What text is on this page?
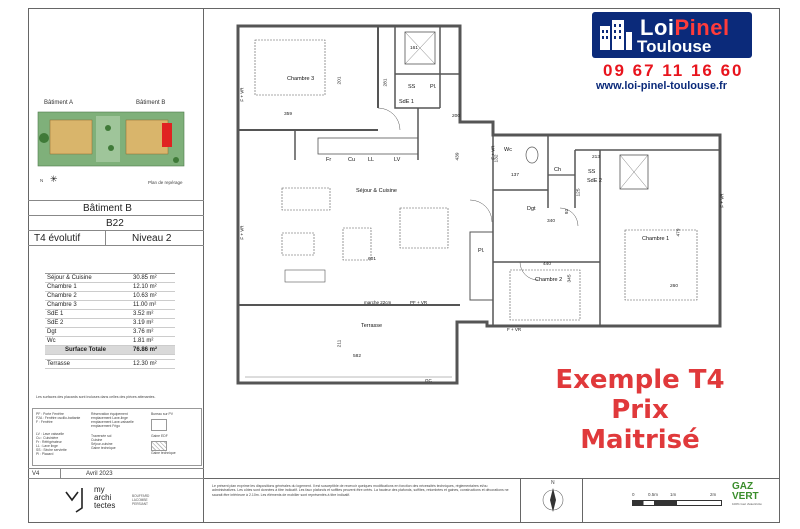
Bâtiment A	Bâtiment B
N ✳	Plan de repérage
Bâtiment B
B22
T4 évolutif	Niveau 2
Séjour & Cuisine	30.85 m²
Chambre 1	12.10 m²
Chambre 2	10.63 m²
Chambre 3	11.00 m²
SdE 1	3.52 m²
SdE 2	3.19 m²
Dgt	3.76 m²
Wc	1.81 m²
Surface Totale	76.86 m²
Terrasse	12.30 m²
Les surfaces des placards sont incluses dans celles des pièces attenantes.
PF : Porte Fenêtre
F2A : Fenêtre oscillo-battante
F : Fenêtre
LV : Lave vaisselle
Cu : Cuisinière
Fr : Réfrigérateur
LL : Lave linge
SS : Sèche serviette
Pl : Placard
Réservation équipement
emplacement Lave-linge
emplacement Lave-vaisselle
emplacement Frigo
Traversée sol
Cuisine
Séjour-cuisine
Gaine technique
Bureau sur PV
Gaine EDF
Gaine technique
V4	Avril 2023
my
archi
tectes
BOUFFARD LACOMBE PERSIANT
Le présent plan exprime les dispositions générales du logement. Il est susceptible de recevoir quelques modifications en fonction des nécessités techniques, réglementaires et/ou administratives. Les côtes sont données à titre indicatif. Les faux plafonds et soffites peuvent être créés. La hauteur des plafonds, soffites, retombées et gaines, constructions et décorations ne saurait être inférieure à 2.10m. Les éléments de mobilier sont représentés à titre indicatif.
N
0	0.5m	1m	2m
GAZ
VERT
100% Gaz d'électricité
Chambre 3
SdE 1
Séjour & Cuisine
Wc
Dgt
Ch
SdE 2
Chambre 1
Chambre 2
Terrasse
Pl.
Pl.
SS
SS
Fr	Cu LL	LV
161
201
359
281
200
439	132
137
213
125
340
92
479
601
440
345
260
211
582
F + VR
F + VR
F + VR
F + VR
F + VR
PF + VR
marche 22cm
GC
LoiPinel
Toulouse
09 67 11 16 60
www.loi-pinel-toulouse.fr
Exemple T4
Prix Maitrisé
